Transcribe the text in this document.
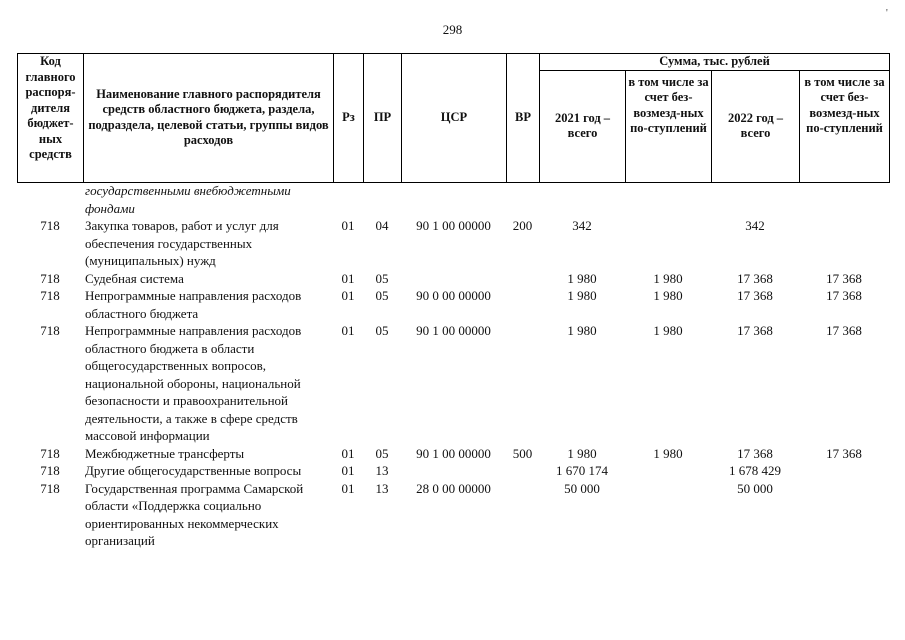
298
'
Код главного распоря-дителя бюджет-ных средств	Наименование главного распорядителя средств областного бюджета, раздела, подраздела, целевой статьи, группы видов расходов	Рз	ПР	ЦСР	ВР	Сумма, тыс. рублей			
						2021 год – всего	в том числе за счет без-возмезд-ных по-ступлений	2022 год – всего	в том числе за счет без-возмезд-ных по-ступлений
	государственными внебюджетными фондами								
718	Закупка товаров, работ и услуг для обеспечения государственных (муниципальных) нужд	01	04	90 1 00 00000	200	342		342	
718	Судебная система	01	05			1 980	1 980	17 368	17 368
718	Непрограммные направления расходов областного бюджета	01	05	90 0 00 00000		1 980	1 980	17 368	17 368
718	Непрограммные направления расходов областного бюджета в области общегосударственных вопросов, национальной обороны, национальной безопасности и правоохранительной деятельности, а также в сфере средств массовой информации	01	05	90 1 00 00000		1 980	1 980	17 368	17 368
718	Межбюджетные трансферты	01	05	90 1 00 00000	500	1 980	1 980	17 368	17 368
718	Другие общегосударственные вопросы	01	13			1 670 174		1 678 429	
718	Государственная программа Самарской области «Поддержка социально ориентированных некоммерческих организаций	01	13	28 0 00 00000		50 000		50 000	
